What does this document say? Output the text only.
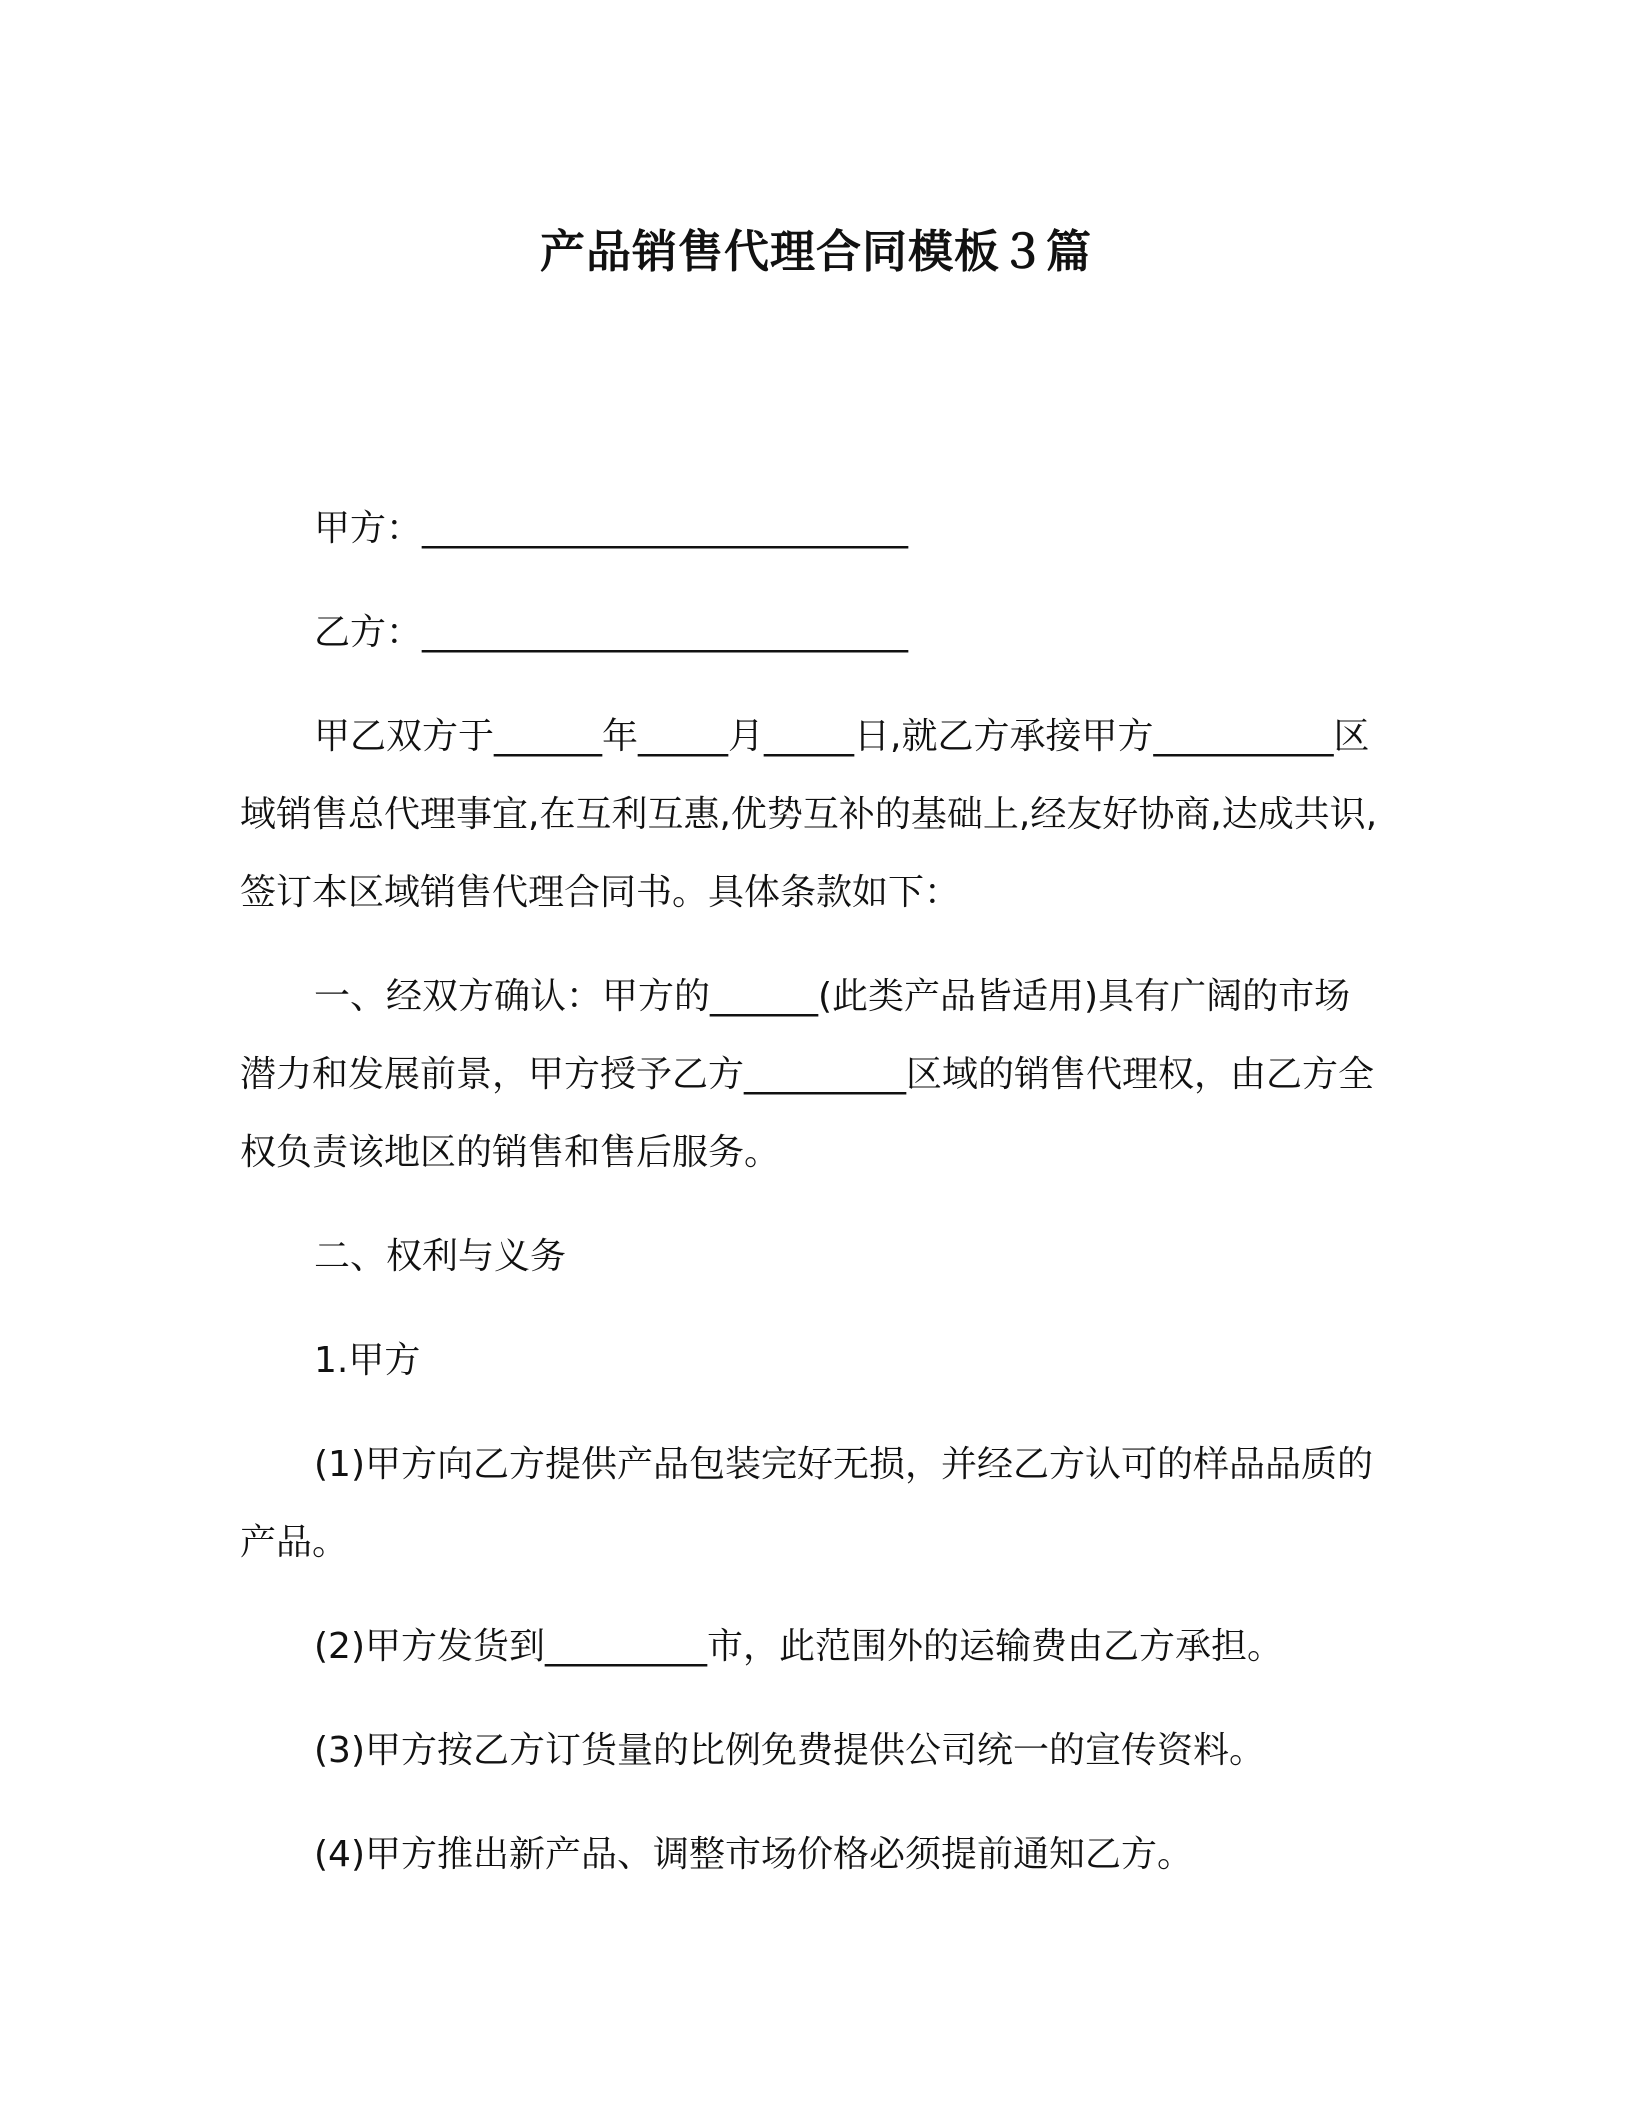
产品销售代理合同模板３篇

甲方：___________________________

乙方：___________________________

甲乙双方于______年_____月_____日,就乙方承接甲方__________区域销售总代理事宜,在互利互惠,优势互补的基础上,经友好协商,达成共识,签订本区域销售代理合同书。具体条款如下：

一、经双方确认：甲方的______(此类产品皆适用)具有广阔的市场潜力和发展前景，甲方授予乙方_________区域的销售代理权，由乙方全权负责该地区的销售和售后服务。

二、权利与义务

1.甲方

(1)甲方向乙方提供产品包装完好无损，并经乙方认可的样品品质的产品。

(2)甲方发货到_________市，此范围外的运输费由乙方承担。

(3)甲方按乙方订货量的比例免费提供公司统一的宣传资料。

(4)甲方推出新产品、调整市场价格必须提前通知乙方。
